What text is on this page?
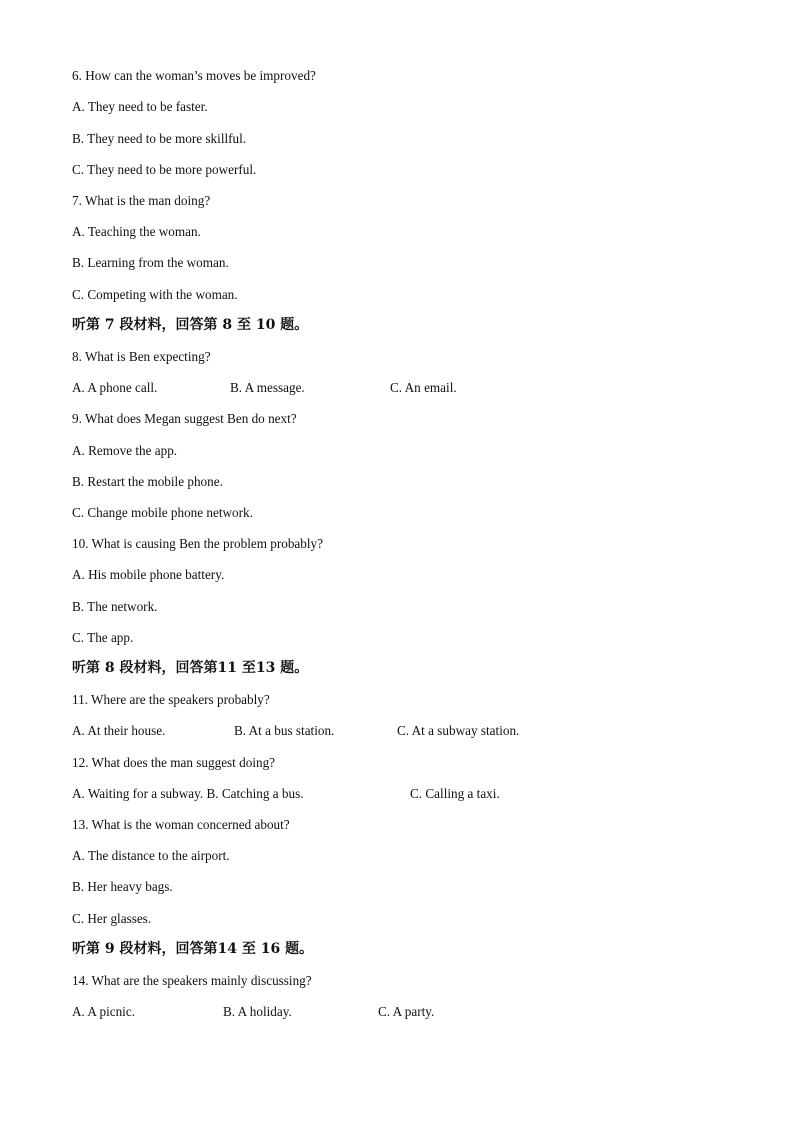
6. How can the woman’s moves be improved?
A. They need to be faster.
B. They need to be more skillful.
C. They need to be more powerful.
7. What is the man doing?
A. Teaching the woman.
B. Learning from the woman.
C. Competing with the woman.
听第 7 段材料，回答第 8 至 10 题。
8. What is Ben expecting?
A. A phone call.	B. A message.	C. An email.
9. What does Megan suggest Ben do next?
A. Remove the app.
B. Restart the mobile phone.
C. Change mobile phone network.
10. What is causing Ben the problem probably?
A. His mobile phone battery.
B. The network.
C. The app.
听第 8 段材料，回答第11 至13 题。
11. Where are the speakers probably?
A. At their house.	B. At a bus station.	C. At a subway station.
12. What does the man suggest doing?
A. Waiting for a subway. B. Catching a bus.	C. Calling a taxi.
13. What is the woman concerned about?
A. The distance to the airport.
B. Her heavy bags.
C. Her glasses.
听第 9 段材料，回答第14 至 16 题。
14. What are the speakers mainly discussing?
A. A picnic.	B. A holiday.	C. A party.
